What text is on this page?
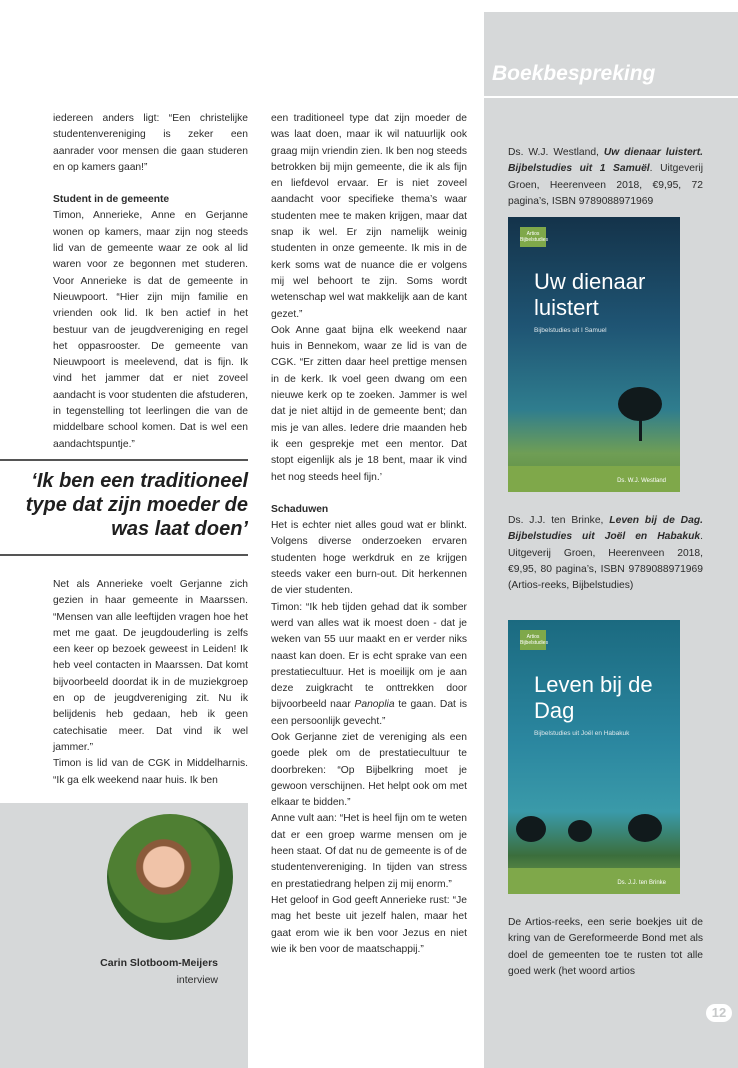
Boekbespreking

iedereen anders ligt: “Een christelijke studentenvereniging is zeker een aanrader voor mensen die gaan studeren en op kamers gaan!”

Student in de gemeente

Timon, Annerieke, Anne en Gerjanne wonen op kamers, maar zijn nog steeds lid van de gemeente waar ze ook al lid waren voor ze begonnen met studeren. Voor Annerieke is dat de gemeente in Nieuwpoort. “Hier zijn mijn familie en vrienden ook lid. Ik ben actief in het bestuur van de jeugdvereniging en regel het oppasrooster. De gemeente van Nieuwpoort is meelevend, dat is fijn. Ik vind het jammer dat er niet zoveel aandacht is voor studenten die afstuderen, in tegenstelling tot leerlingen die van de middelbare school komen. Dat is wel een aandachtspuntje.”

‘Ik ben een traditioneel type dat zijn moeder de was laat doen’

Net als Annerieke voelt Gerjanne zich gezien in haar gemeente in Maarssen. “Mensen van alle leeftijden vragen hoe het met me gaat. De jeugdouderling is zelfs een keer op bezoek geweest in Leiden! Ik heb veel contacten in Maarssen. Dat komt bijvoorbeeld doordat ik in de muziekgroep en op de jeugdvereniging zit. Nu ik belijdenis heb gedaan, heb ik geen catechisatie meer. Dat vind ik wel jammer.”

Timon is lid van de CGK in Middelharnis. “Ik ga elk weekend naar huis. Ik ben

Carin Slotboom-Meijers
interview

een traditioneel type dat zijn moeder de was laat doen, maar ik wil natuurlijk ook graag mijn vriendin zien. Ik ben nog steeds betrokken bij mijn gemeente, die ik als fijn en liefdevol ervaar. Er is niet zoveel aandacht voor specifieke thema’s waar studenten mee te maken krijgen, maar dat snap ik wel. Er zijn namelijk weinig studenten in onze gemeente. Ik mis in de kerk soms wat de nuance die er volgens mij wel behoort te zijn. Soms wordt wetenschap wel wat makkelijk aan de kant gezet.”

Ook Anne gaat bijna elk weekend naar huis in Bennekom, waar ze lid is van de CGK. “Er zitten daar heel prettige mensen in de kerk. Ik voel geen dwang om een nieuwe kerk op te zoeken. Jammer is wel dat je niet altijd in de gemeente bent; dan mis je van alles. Iedere drie maanden heb ik een gesprekje met een mentor. Dat stopt eigenlijk als je 18 bent, maar ik vind het nog steeds heel fijn.’

Schaduwen

Het is echter niet alles goud wat er blinkt. Volgens diverse onderzoeken ervaren studenten hoge werkdruk en ze krijgen steeds vaker een burn-out. Dit herkennen de vier studenten.

Timon: “Ik heb tijden gehad dat ik somber werd van alles wat ik moest doen - dat je weken van 55 uur maakt en er verder niks naast kan doen. Er is echt sprake van een prestatiecultuur. Het is moeilijk om je aan deze zuigkracht te onttrekken door bijvoorbeeld naar Panoplia te gaan. Dat is een persoonlijk gevecht.”

Ook Gerjanne ziet de vereniging als een goede plek om de prestatiecultuur te doorbreken: “Op Bijbelkring moet je gewoon verschijnen. Het helpt ook om met elkaar te bidden.”

Anne vult aan: “Het is heel fijn om te weten dat er een groep warme mensen om je heen staat. Of dat nu de gemeente is of de studentenvereniging. In tijden van stress en prestatiedrang helpen zij mij enorm.”

Het geloof in God geeft Annerieke rust: “Je mag het beste uit jezelf halen, maar het gaat erom wie ik ben voor Jezus en niet wie ik ben voor de maatschappij.”

Ds. W.J. Westland, Uw dienaar luistert. Bijbelstudies uit 1 Samuël. Uitgeverij Groen, Heerenveen 2018, €9,95, 72 pagina’s, ISBN 9789088971969

Artios Bijbelstudies
Uw dienaar luistert
Bijbelstudies uit I Samuel
Ds. W.J. Westland

Ds. J.J. ten Brinke, Leven bij de Dag. Bijbelstudies uit Joël en Habakuk. Uitgeverij Groen, Heerenveen 2018, €9,95, 80 pagina’s, ISBN 9789088971969 (Artios-reeks, Bijbelstudies)

Artios Bijbelstudies
Leven bij de Dag
Bijbelstudies uit Joël en Habakuk
Ds. J.J. ten Brinke
De Artios-reeks, een serie boekjes uit de kring van de Gereformeerde Bond met als doel de gemeenten toe te rusten tot alle goed werk (het woord artios
12
